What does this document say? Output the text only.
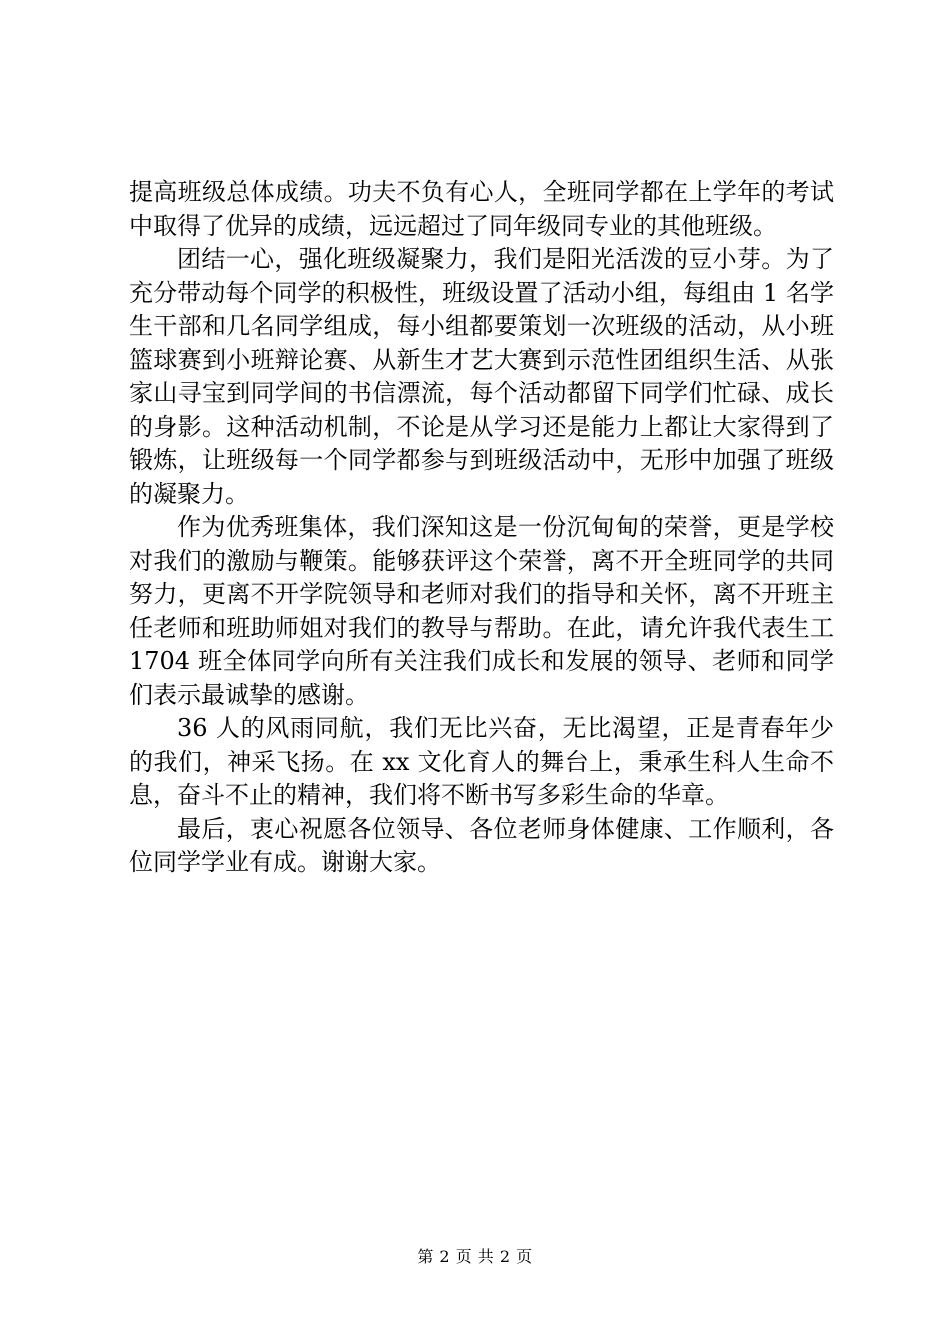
提高班级总体成绩。功夫不负有心人，全班同学都在上学年的考试中取得了优异的成绩，远远超过了同年级同专业的其他班级。

团结一心，强化班级凝聚力，我们是阳光活泼的豆小芽。为了充分带动每个同学的积极性，班级设置了活动小组，每组由 1 名学生干部和几名同学组成，每小组都要策划一次班级的活动，从小班篮球赛到小班辩论赛、从新生才艺大赛到示范性团组织生活、从张家山寻宝到同学间的书信漂流，每个活动都留下同学们忙碌、成长的身影。这种活动机制，不论是从学习还是能力上都让大家得到了锻炼，让班级每一个同学都参与到班级活动中，无形中加强了班级的凝聚力。

作为优秀班集体，我们深知这是一份沉甸甸的荣誉，更是学校对我们的激励与鞭策。能够获评这个荣誉，离不开全班同学的共同努力，更离不开学院领导和老师对我们的指导和关怀，离不开班主任老师和班助师姐对我们的教导与帮助。在此，请允许我代表生工 1704 班全体同学向所有关注我们成长和发展的领导、老师和同学们表示最诚挚的感谢。

36 人的风雨同航，我们无比兴奋，无比渴望，正是青春年少的我们，神采飞扬。在 xx 文化育人的舞台上，秉承生科人生命不息，奋斗不止的精神，我们将不断书写多彩生命的华章。

最后，衷心祝愿各位领导、各位老师身体健康、工作顺利，各位同学学业有成。谢谢大家。

第 2 页 共 2 页
